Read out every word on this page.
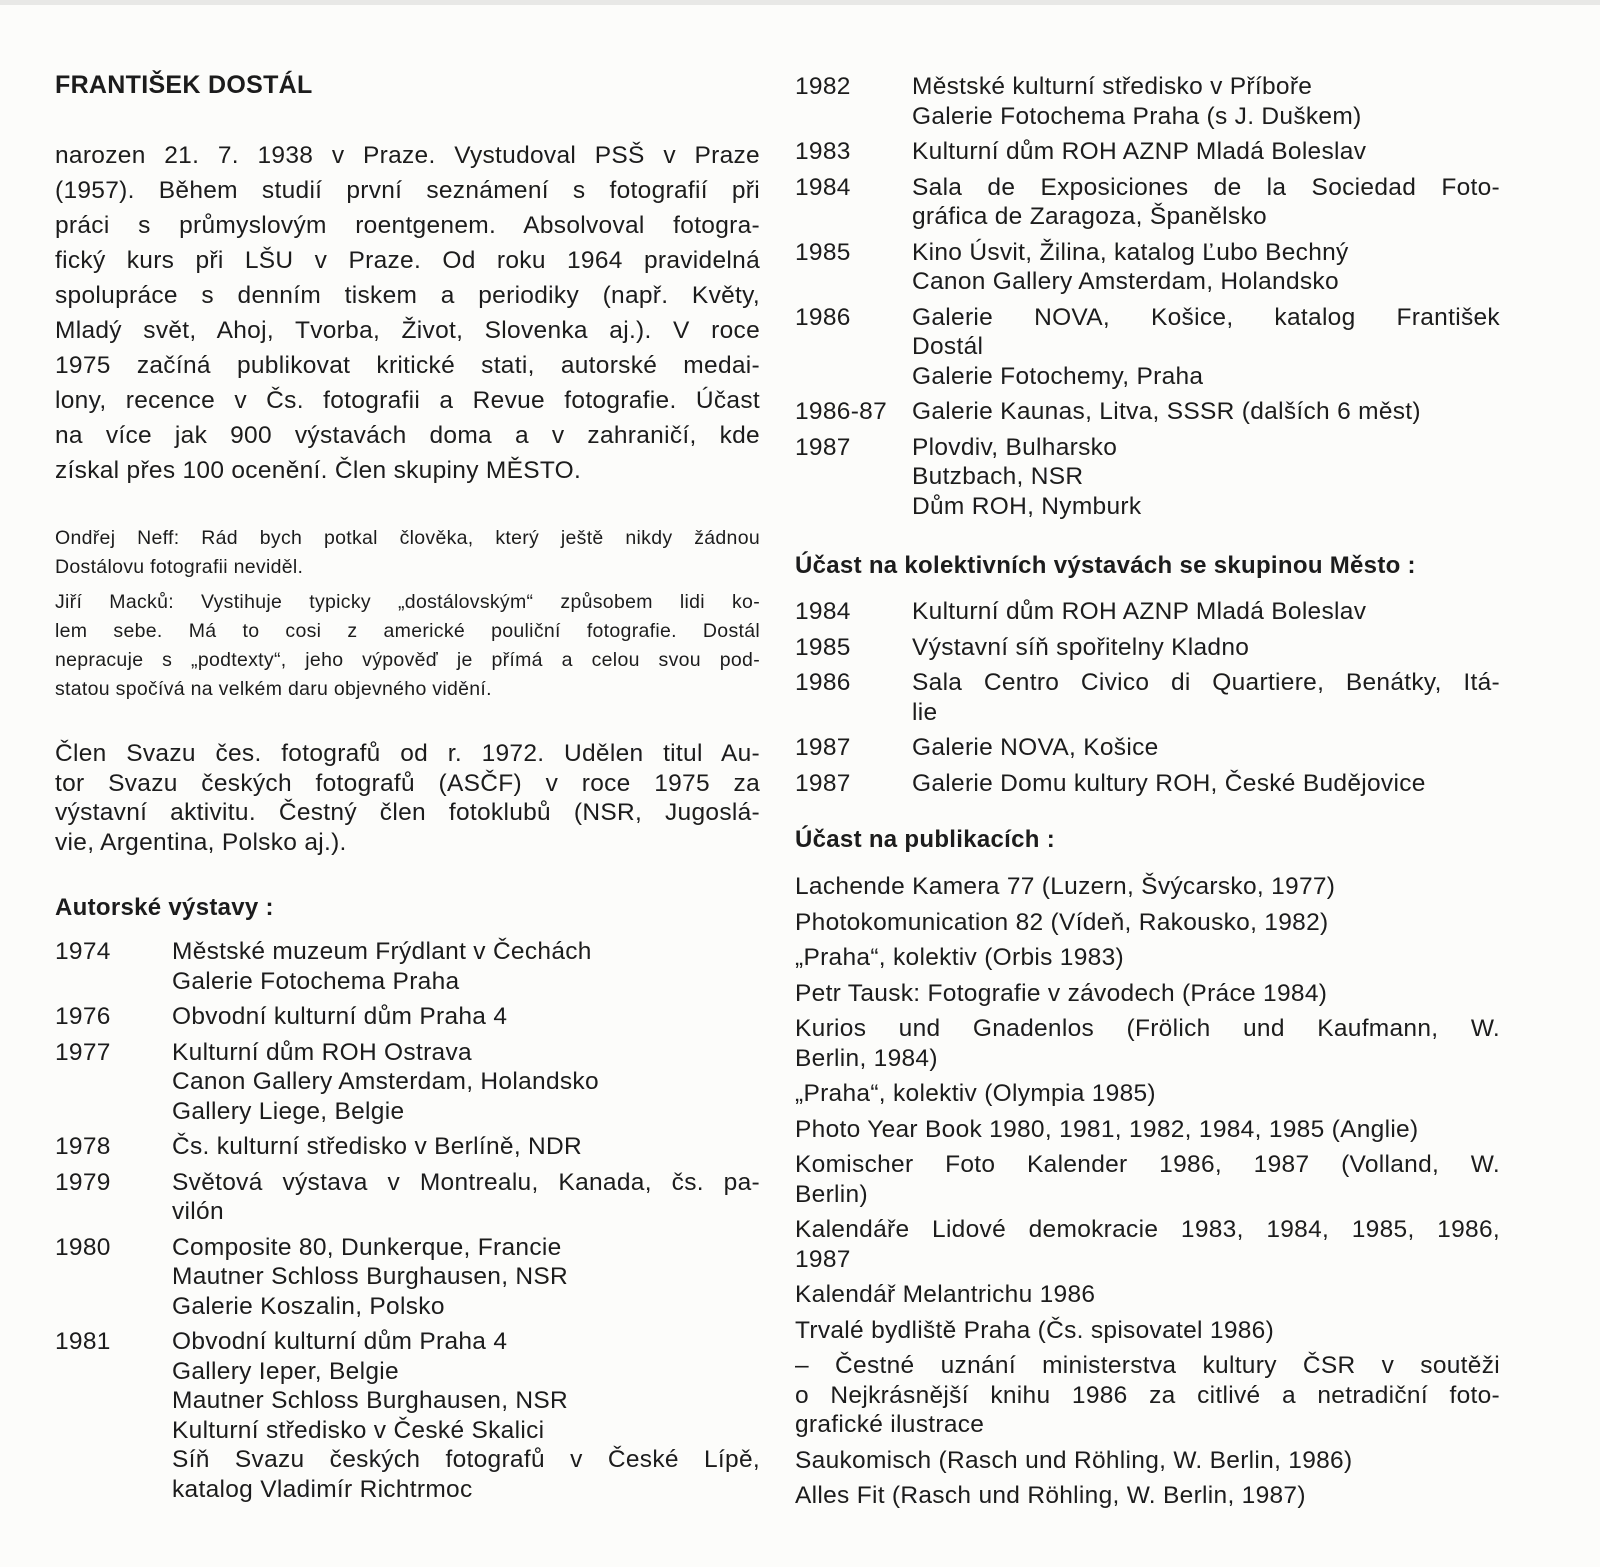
FRANTIŠEK DOSTÁL
narozen 21. 7. 1938 v Praze. Vystudoval PSŠ v Praze
(1957). Během studií první seznámení s fotografií při
práci s průmyslovým roentgenem. Absolvoval fotogra-
fický kurs při LŠU v Praze. Od roku 1964 pravidelná
spolupráce s denním tiskem a periodiky (např. Květy,
Mladý svět, Ahoj, Tvorba, Život, Slovenka aj.). V roce
1975 začíná publikovat kritické stati, autorské medai-
lony, recence v Čs. fotografii a Revue fotografie. Účast
na více jak 900 výstavách doma a v zahraničí, kde
získal přes 100 ocenění. Člen skupiny MĚSTO.
Ondřej Neff: Rád bych potkal člověka, který ještě nikdy žádnou
Dostálovu fotografii neviděl.
Jiří Macků: Vystihuje typicky „dostálovským“ způsobem lidi ko-
lem sebe. Má to cosi z americké pouliční fotografie. Dostál
nepracuje s „podtexty“, jeho výpověď je přímá a celou svou pod-
statou spočívá na velkém daru objevného vidění.
Člen Svazu čes. fotografů od r. 1972. Udělen titul Au-
tor Svazu českých fotografů (ASČF) v roce 1975 za
výstavní aktivitu. Čestný člen fotoklubů (NSR, Jugoslá-
vie, Argentina, Polsko aj.).
Autorské výstavy :
1974	Městské muzeum Frýdlant v Čechách
Galerie Fotochema Praha
1976	Obvodní kulturní dům Praha 4
1977	Kulturní dům ROH Ostrava
Canon Gallery Amsterdam, Holandsko
Gallery Liege, Belgie
1978	Čs. kulturní středisko v Berlíně, NDR
1979	Světová výstava v Montrealu, Kanada, čs. pa-
vilón
1980	Composite 80, Dunkerque, Francie
Mautner Schloss Burghausen, NSR
Galerie Koszalin, Polsko
1981	Obvodní kulturní dům Praha 4
Gallery Ieper, Belgie
Mautner Schloss Burghausen, NSR
Kulturní středisko v České Skalici
Síň Svazu českých fotografů v České Lípě,
katalog Vladimír Richtrmoc
1982	Městské kulturní středisko v Příboře
Galerie Fotochema Praha (s J. Duškem)
1983	Kulturní dům ROH AZNP Mladá Boleslav
1984	Sala de Exposiciones de la Sociedad Foto-
gráfica de Zaragoza, Španělsko
1985	Kino Úsvit, Žilina, katalog Ľubo Bechný
Canon Gallery Amsterdam, Holandsko
1986	Galerie NOVA, Košice, katalog František
Dostál
Galerie Fotochemy, Praha
1986-87	Galerie Kaunas, Litva, SSSR (dalších 6 měst)
1987	Plovdiv, Bulharsko
Butzbach, NSR
Dům ROH, Nymburk
Účast na kolektivních výstavách se skupinou Město :
1984	Kulturní dům ROH AZNP Mladá Boleslav
1985	Výstavní síň spořitelny Kladno
1986	Sala Centro Civico di Quartiere, Benátky, Itá-
lie
1987	Galerie NOVA, Košice
1987	Galerie Domu kultury ROH, České Budějovice
Účast na publikacích :
Lachende Kamera 77 (Luzern, Švýcarsko, 1977)
Photokomunication 82 (Vídeň, Rakousko, 1982)
„Praha“, kolektiv (Orbis 1983)
Petr Tausk: Fotografie v závodech (Práce 1984)
Kurios und Gnadenlos (Frölich und Kaufmann, W.
Berlin, 1984)
„Praha“, kolektiv (Olympia 1985)
Photo Year Book 1980, 1981, 1982, 1984, 1985 (Anglie)
Komischer Foto Kalender 1986, 1987 (Volland, W.
Berlin)
Kalendáře Lidové demokracie 1983, 1984, 1985, 1986,
1987
Kalendář Melantrichu 1986
Trvalé bydliště Praha (Čs. spisovatel 1986)
– Čestné uznání ministerstva kultury ČSR v soutěži
o Nejkrásnější knihu 1986 za citlivé a netradiční foto-
grafické ilustrace
Saukomisch (Rasch und Röhling, W. Berlin, 1986)
Alles Fit (Rasch und Röhling, W. Berlin, 1987)
